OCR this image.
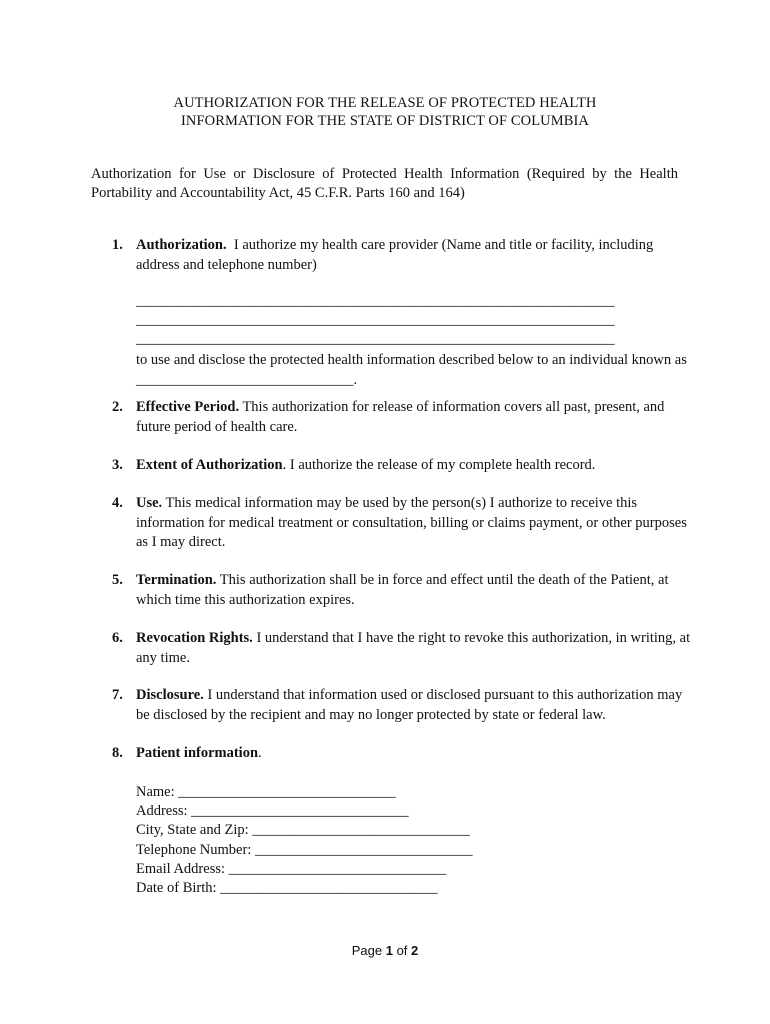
AUTHORIZATION FOR THE RELEASE OF PROTECTED HEALTH
INFORMATION FOR THE STATE OF DISTRICT OF COLUMBIA
Authorization for Use or Disclosure of Protected Health Information (Required by the Health Portability and Accountability Act, 45 C.F.R. Parts 160 and 164)
1. Authorization.  I authorize my health care provider (Name and title or facility, including address and telephone number)
__________________________________________________________________
__________________________________________________________________
__________________________________________________________________
to use and disclose the protected health information described below to an individual known as ______________________________.
2. Effective Period. This authorization for release of information covers all past, present, and future period of health care.
3. Extent of Authorization. I authorize the release of my complete health record.
4. Use. This medical information may be used by the person(s) I authorize to receive this information for medical treatment or consultation, billing or claims payment, or other purposes as I may direct.
5. Termination. This authorization shall be in force and effect until the death of the Patient, at which time this authorization expires.
6. Revocation Rights. I understand that I have the right to revoke this authorization, in writing, at any time.
7. Disclosure. I understand that information used or disclosed pursuant to this authorization may be disclosed by the recipient and may no longer protected by state or federal law.
8. Patient information.
Name: ______________________________
Address: ______________________________
City, State and Zip: ______________________________
Telephone Number: ______________________________
Email Address: ______________________________
Date of Birth: ______________________________
Page 1 of 2
